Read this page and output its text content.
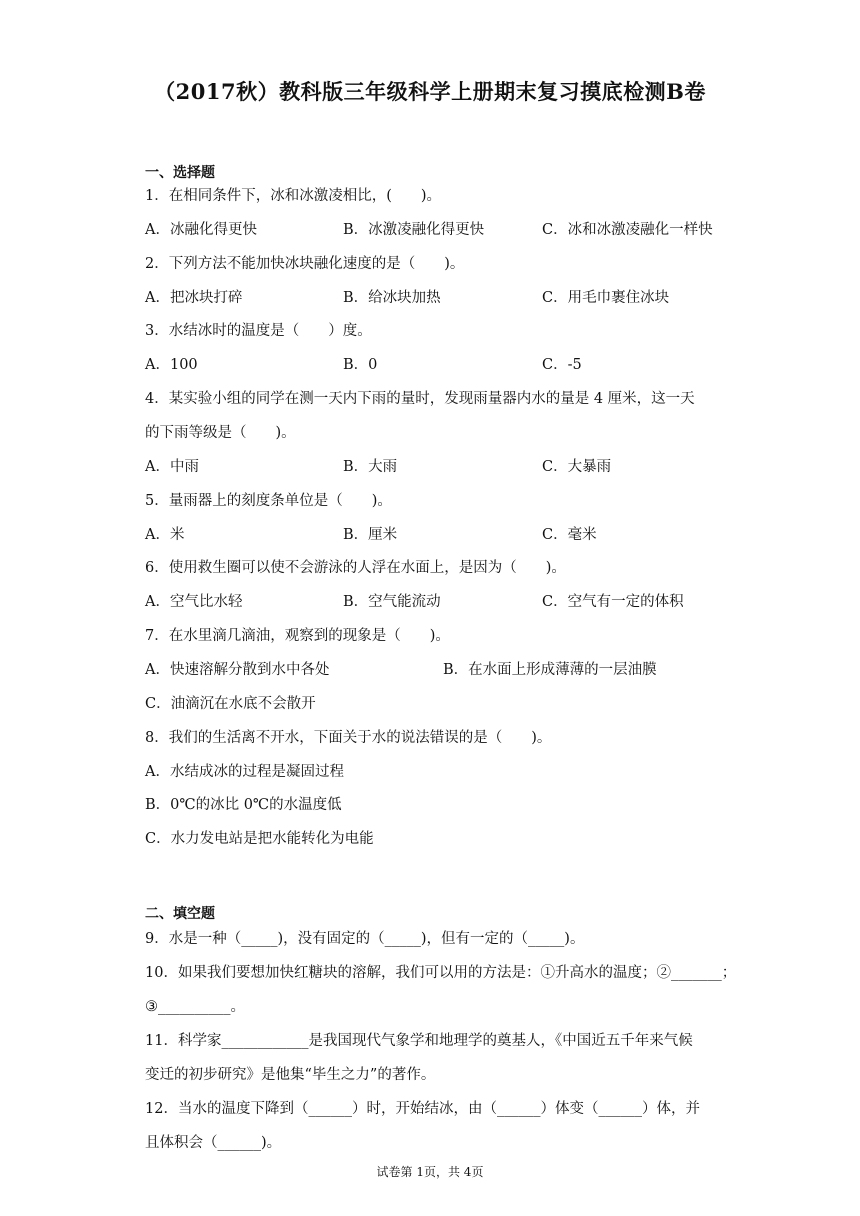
（2017秋）教科版三年级科学上册期末复习摸底检测B卷
一、选择题
1．在相同条件下，冰和冰激凌相比，(　　)。
A．冰融化得更快	B．冰激凌融化得更快	C．冰和冰激凌融化一样快
2．下列方法不能加快冰块融化速度的是（　　)。
A．把冰块打碎	B．给冰块加热	C．用毛巾裹住冰块
3．水结冰时的温度是（　　）度。
A．100	B．0	C．-5
4．某实验小组的同学在测一天内下雨的量时，发现雨量器内水的量是 4 厘米，这一天
的下雨等级是（　　)。
A．中雨	B．大雨	C．大暴雨
5．量雨器上的刻度条单位是（　　)。
A．米	B．厘米	C．毫米
6．使用救生圈可以使不会游泳的人浮在水面上，是因为（　　)。
A．空气比水轻	B．空气能流动	C．空气有一定的体积
7．在水里滴几滴油，观察到的现象是（　　)。
A．快速溶解分散到水中各处	B．在水面上形成薄薄的一层油膜
C．油滴沉在水底不会散开
8．我们的生活离不开水，下面关于水的说法错误的是（　　)。
A．水结成冰的过程是凝固过程
B．0℃的冰比 0℃的水温度低
C．水力发电站是把水能转化为电能
二、填空题
9．水是一种（_____)，没有固定的（_____)，但有一定的（_____)。
10．如果我们要想加快红糖块的溶解，我们可以用的方法是：①升高水的温度；②_______；
③__________。
11．科学家____________是我国现代气象学和地理学的奠基人，《中国近五千年来气候
变迁的初步研究》是他集“毕生之力”的著作。
12．当水的温度下降到（______）时，开始结冰，由（______）体变（______）体，并
且体积会（______)。
试卷第 1页，共 4页
